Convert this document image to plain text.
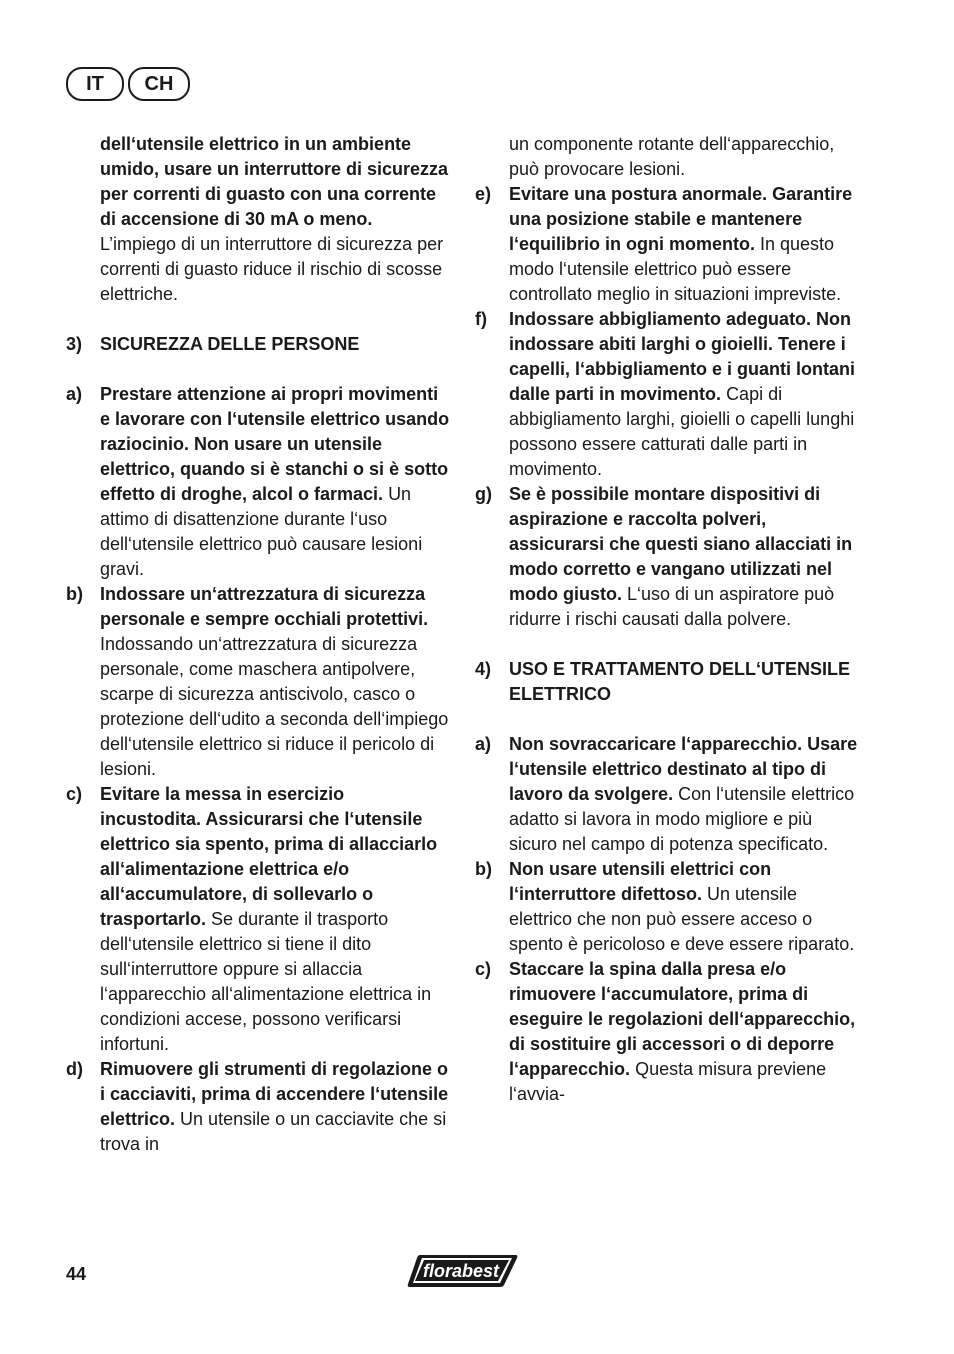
IT	CH
dell‘utensile elettrico in un ambiente umido, usare un interruttore di sicurezza per correnti di guasto con una corrente di accensione di 30 mA o meno. L’impiego di un interruttore di sicurezza per correnti di guasto riduce il rischio di scosse elettriche.
3) SICUREZZA DELLE PERSONE
a) Prestare attenzione ai propri movimenti e lavorare con l‘utensile elettrico usando raziocinio. Non usare un utensile elettrico, quando si è stanchi o si è sotto effetto di droghe, alcol o farmaci. Un attimo di disattenzione durante l‘uso dell‘utensile elettrico può causare lesioni gravi.
b) Indossare un‘attrezzatura di sicurezza personale e sempre occhiali protettivi. Indossando un‘attrezzatura di sicurezza personale, come maschera antipolvere, scarpe di sicurezza antiscivolo, casco o protezione dell‘udito a seconda dell‘impiego dell‘utensile elettrico si riduce il pericolo di lesioni.
c) Evitare la messa in esercizio incustodita. Assicurarsi che l‘utensile elettrico sia spento, prima di allacciarlo all‘alimentazione elettrica e/o all‘accumulatore, di sollevarlo o trasportarlo. Se durante il trasporto dell‘utensile elettrico si tiene il dito sull‘interruttore oppure si allaccia l‘apparecchio all‘alimentazione elettrica in condizioni accese, possono verificarsi infortuni.
d) Rimuovere gli strumenti di regolazione o i cacciaviti, prima di accendere l‘utensile elettrico. Un utensile o un cacciavite che si trova in
un componente rotante dell‘apparecchio, può provocare lesioni.
e) Evitare una postura anormale. Garantire una posizione stabile e mantenere l‘equilibrio in ogni momento. In questo modo l‘utensile elettrico può essere controllato meglio in situazioni impreviste.
f)	Indossare abbigliamento adeguato. Non indossare abiti larghi o gioielli. Tenere i capelli, l‘abbigliamento e i guanti lontani dalle parti in movimento. Capi di abbigliamento larghi, gioielli o capelli lunghi possono essere catturati dalle parti in movimento.
g) Se è possibile montare dispositivi di aspirazione e raccolta polveri, assicurarsi che questi siano allacciati in modo corretto e vangano utilizzati nel modo giusto. L‘uso di un aspiratore può ridurre i rischi causati dalla polvere.
4) USO E TRATTAMENTO DELL‘UTENSILE ELETTRICO
a) Non sovraccaricare l‘apparecchio. Usare l‘utensile elettrico destinato al tipo di lavoro da svolgere. Con l‘utensile elettrico adatto si lavora in modo migliore e più sicuro nel campo di potenza specificato.
b) Non usare utensili elettrici con l‘interruttore difettoso. Un utensile elettrico che non può essere acceso o spento è pericoloso e deve essere riparato.
c) Staccare la spina dalla presa e/o rimuovere l‘accumulatore, prima di eseguire le regolazioni dell‘apparecchio, di sostituire gli accessori o di deporre l‘apparecchio. Questa misura previene l‘avvia-
44	florabest
